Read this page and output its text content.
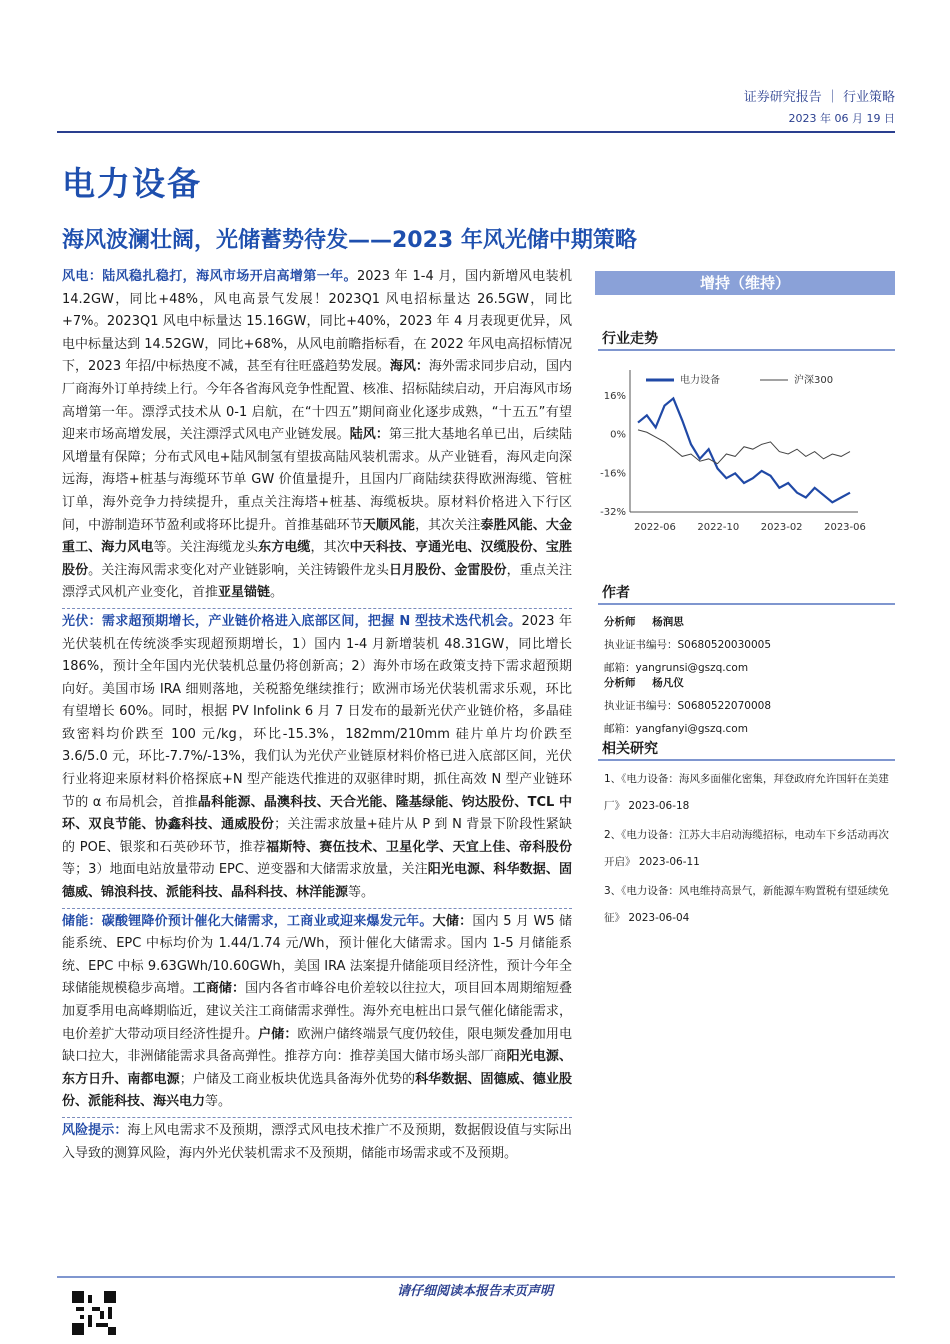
证券研究报告 ｜ 行业策略
2023 年 06 月 19 日
电力设备
海风波澜壮阔，光储蓄势待发——2023 年风光储中期策略

风电：陆风稳扎稳打，海风市场开启高增第一年。2023 年 1-4 月，国内新增风电装机 14.2GW，同比+48%，风电高景气发展！2023Q1 风电招标量达 26.5GW，同比+7%。2023Q1 风电中标量达 15.16GW，同比+40%，2023 年 4 月表现更优异，风电中标量达到 14.52GW，同比+68%，从风电前瞻指标看，在 2022 年风电高招标情况下，2023 年招/中标热度不减，甚至有往旺盛趋势发展。海风：海外需求同步启动，国内厂商海外订单持续上行。今年各省海风竞争性配置、核准、招标陆续启动，开启海风市场高增第一年。漂浮式技术从 0-1 启航，在“十四五”期间商业化逐步成熟，“十五五”有望迎来市场高增发展，关注漂浮式风电产业链发展。陆风：第三批大基地名单已出，后续陆风增量有保障；分布式风电+陆风制氢有望拔高陆风装机需求。从产业链看，海风走向深远海，海塔+桩基与海缆环节单 GW 价值量提升，且国内厂商陆续获得欧洲海缆、管桩订单，海外竞争力持续提升，重点关注海塔+桩基、海缆板块。原材料价格进入下行区间，中游制造环节盈利或将环比提升。首推基础环节天顺风能，其次关注泰胜风能、大金重工、海力风电等。关注海缆龙头东方电缆，其次中天科技、亨通光电、汉缆股份、宝胜股份。关注海风需求变化对产业链影响，关注铸锻件龙头日月股份、金雷股份，重点关注漂浮式风机产业变化，首推亚星锚链。

光伏：需求超预期增长，产业链价格进入底部区间，把握 N 型技术迭代机会。2023 年光伏装机在传统淡季实现超预期增长，1）国内 1-4 月新增装机 48.31GW，同比增长 186%，预计全年国内光伏装机总量仍将创新高；2）海外市场在政策支持下需求超预期向好。美国市场 IRA 细则落地，关税豁免继续推行；欧洲市场光伏装机需求乐观，环比有望增长 60%。同时，根据 PV Infolink 6 月 7 日发布的最新光伏产业链价格，多晶硅致密料均价跌至 100 元/kg，环比-15.3%，182mm/210mm 硅片单片均价跌至 3.6/5.0 元，环比-7.7%/-13%，我们认为光伏产业链原材料价格已进入底部区间，光伏行业将迎来原材料价格探底+N 型产能迭代推进的双驱律时期，抓住高效 N 型产业链环节的 α 布局机会，首推晶科能源、晶澳科技、天合光能、隆基绿能、钧达股份、TCL 中环、双良节能、协鑫科技、通威股份；关注需求放量+硅片从 P 到 N 背景下阶段性紧缺的 POE、银浆和石英砂环节，推荐福斯特、赛伍技术、卫星化学、天宜上佳、帝科股份等；3）地面电站放量带动 EPC、逆变器和大储需求放量，关注阳光电源、科华数据、固德威、锦浪科技、派能科技、晶科科技、林洋能源等。

储能：碳酸锂降价预计催化大储需求，工商业或迎来爆发元年。大储：国内 5 月 W5 储能系统、EPC 中标均价为 1.44/1.74 元/Wh，预计催化大储需求。国内 1-5 月储能系统、EPC 中标 9.63GWh/10.60GWh，美国 IRA 法案提升储能项目经济性，预计今年全球储能规模稳步高增。工商储：国内各省市峰谷电价差较以往拉大，项目回本周期缩短叠加夏季用电高峰期临近，建议关注工商储需求弹性。海外充电桩出口景气催化储能需求，电价差扩大带动项目经济性提升。户储：欧洲户储终端景气度仍较佳，限电频发叠加用电缺口拉大，非洲储能需求具备高弹性。推荐方向：推荐美国大储市场头部厂商阳光电源、东方日升、南都电源；户储及工商业板块优选具备海外优势的科华数据、固德威、德业股份、派能科技、海兴电力等。

风险提示：海上风电需求不及预期，漂浮式风电技术推广不及预期，数据假设值与实际出入导致的测算风险，海内外光伏装机需求不及预期，储能市场需求或不及预期。

增持（维持）
行业走势
16%
0%
-16%
-32%
2022-06 2022-10 2023-02 2023-06
电力设备	沪深300
作者
分析师 杨润思
执业证书编号：S0680520030005
邮箱：yangrunsi@gszq.com
分析师 杨凡仪
执业证书编号：S0680522070008
邮箱：yangfanyi@gszq.com
相关研究
1、《电力设备：海风多面催化密集，拜登政府允许国轩在美建厂》 2023-06-18
2、《电力设备：江苏大丰启动海缆招标，电动车下乡活动再次开启》 2023-06-11
3、《电力设备：风电维持高景气，新能源车购置税有望延续免征》 2023-06-04
请仔细阅读本报告末页声明
